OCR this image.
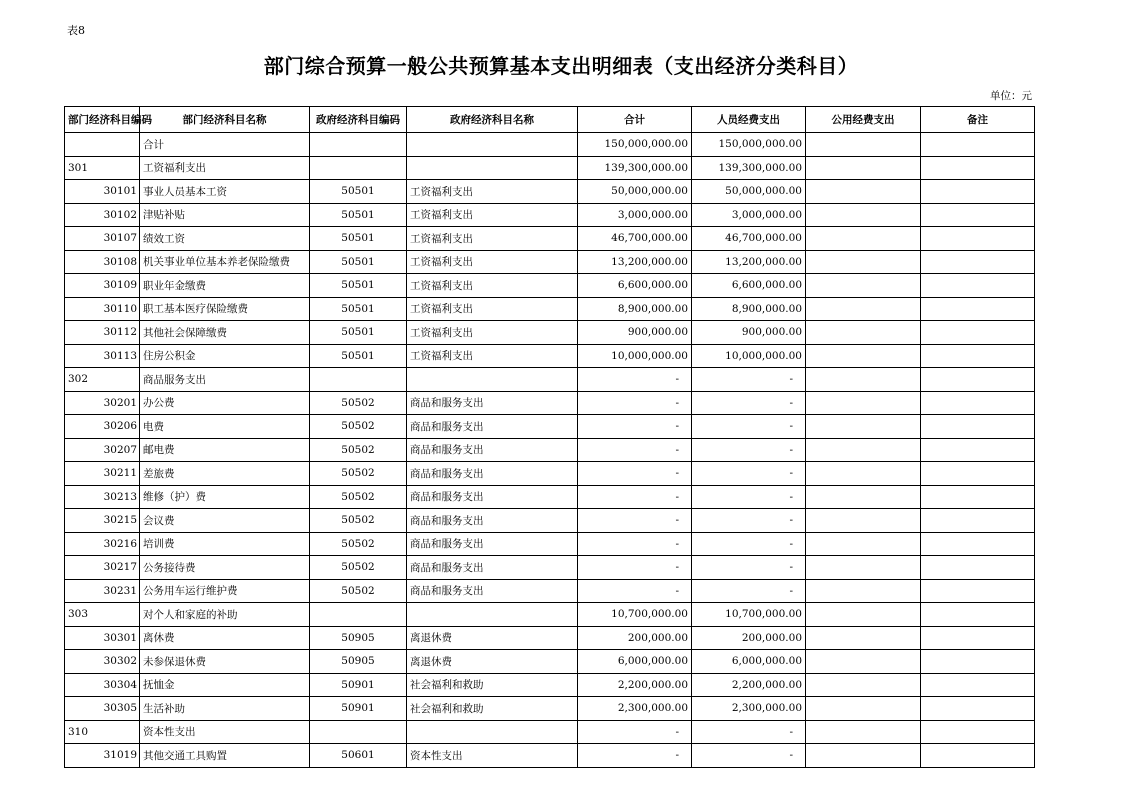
表8
部门综合预算一般公共预算基本支出明细表（支出经济分类科目）
单位：元
部门经济科目编码	部门经济科目名称	政府经济科目编码	政府经济科目名称	合计	人员经费支出	公用经费支出	备注
	合计			150,000,000.00	150,000,000.00		
301	工资福利支出			139,300,000.00	139,300,000.00		
30101	事业人员基本工资	50501	工资福利支出	50,000,000.00	50,000,000.00		
30102	津贴补贴	50501	工资福利支出	3,000,000.00	3,000,000.00		
30107	绩效工资	50501	工资福利支出	46,700,000.00	46,700,000.00		
30108	机关事业单位基本养老保险缴费	50501	工资福利支出	13,200,000.00	13,200,000.00		
30109	职业年金缴费	50501	工资福利支出	6,600,000.00	6,600,000.00		
30110	职工基本医疗保险缴费	50501	工资福利支出	8,900,000.00	8,900,000.00		
30112	其他社会保障缴费	50501	工资福利支出	900,000.00	900,000.00		
30113	住房公积金	50501	工资福利支出	10,000,000.00	10,000,000.00		
302	商品服务支出			-	-		
30201	办公费	50502	商品和服务支出	-	-		
30206	电费	50502	商品和服务支出	-	-		
30207	邮电费	50502	商品和服务支出	-	-		
30211	差旅费	50502	商品和服务支出	-	-		
30213	维修（护）费	50502	商品和服务支出	-	-		
30215	会议费	50502	商品和服务支出	-	-		
30216	培训费	50502	商品和服务支出	-	-		
30217	公务接待费	50502	商品和服务支出	-	-		
30231	公务用车运行维护费	50502	商品和服务支出	-	-		
303	对个人和家庭的补助			10,700,000.00	10,700,000.00		
30301	离休费	50905	离退休费	200,000.00	200,000.00		
30302	未参保退休费	50905	离退休费	6,000,000.00	6,000,000.00		
30304	抚恤金	50901	社会福利和救助	2,200,000.00	2,200,000.00		
30305	生活补助	50901	社会福利和救助	2,300,000.00	2,300,000.00		
310	资本性支出			-	-		
31019	其他交通工具购置	50601	资本性支出	-	-		
